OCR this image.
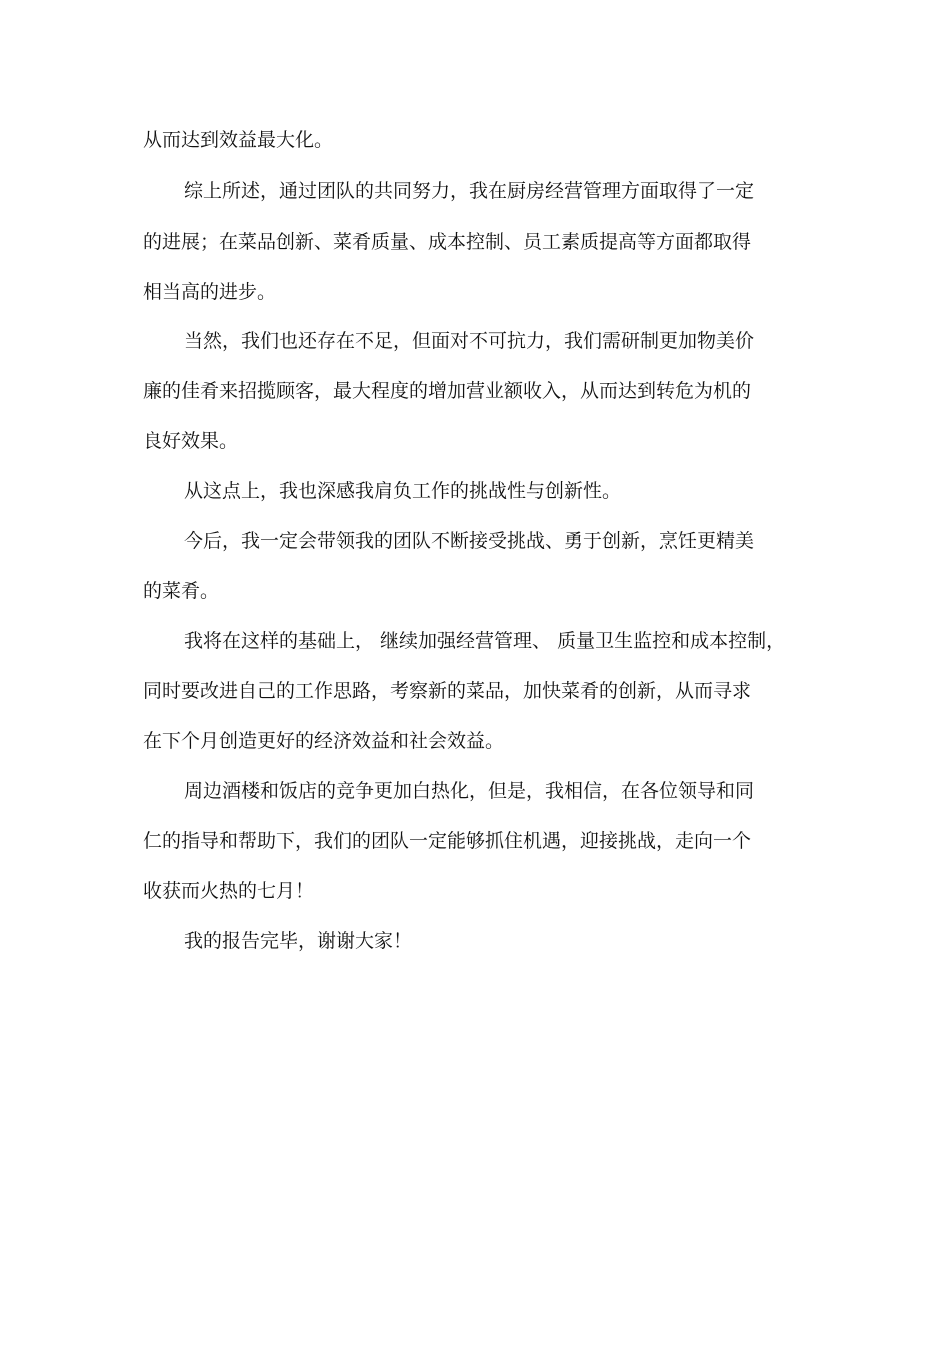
从而达到效益最大化。
综上所述，通过团队的共同努力，我在厨房经营管理方面取得了一定
的进展；在菜品创新、菜肴质量、成本控制、员工素质提高等方面都取得
相当高的进步。
当然，我们也还存在不足，但面对不可抗力，我们需研制更加物美价
廉的佳肴来招揽顾客，最大程度的增加营业额收入，从而达到转危为机的
良好效果。
从这点上，我也深感我肩负工作的挑战性与创新性。
今后，我一定会带领我的团队不断接受挑战、勇于创新，烹饪更精美
的菜肴。
我将在这样的基础上， 继续加强经营管理、 质量卫生监控和成本控制，
同时要改进自己的工作思路，考察新的菜品，加快菜肴的创新，从而寻求
在下个月创造更好的经济效益和社会效益。
周边酒楼和饭店的竞争更加白热化，但是，我相信，在各位领导和同
仁的指导和帮助下，我们的团队一定能够抓住机遇，迎接挑战，走向一个
收获而火热的七月！
我的报告完毕，谢谢大家！
